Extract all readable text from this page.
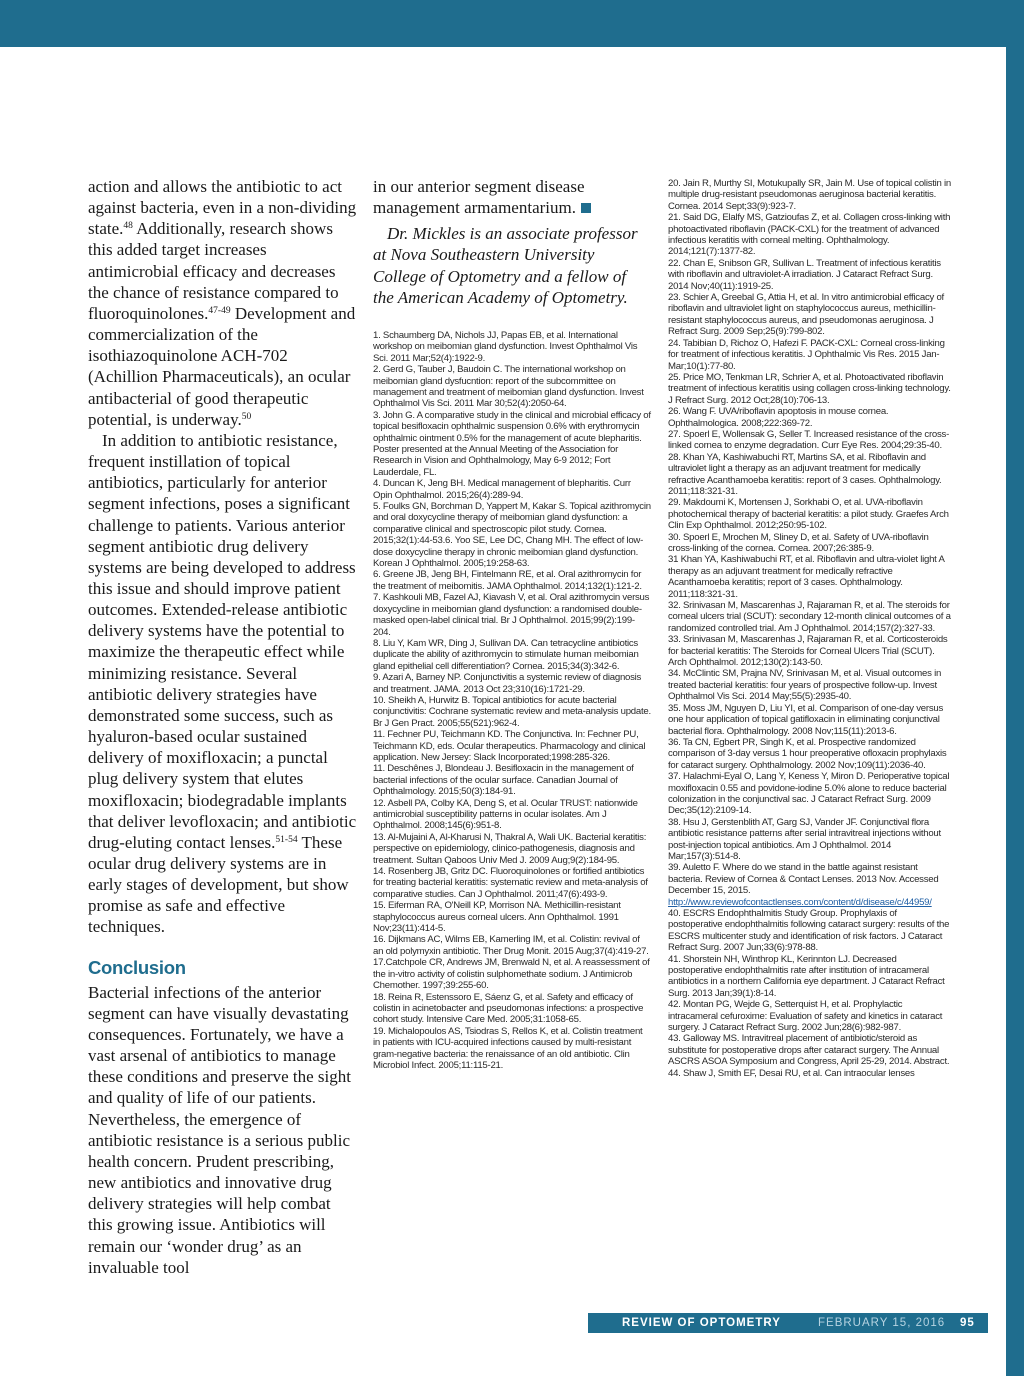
action and allows the antibiotic to act against bacteria, even in a non-dividing state.$^{48}$ Additionally, research shows this added target increases antimicrobial efficacy and decreases the chance of resistance compared to fluoroquinolones.$^{47-49}$ Development and commercialization of the isothiazoquinolone ACH-702 (Achillion Pharmaceuticals), an ocular antibacterial of good therapeutic potential, is underway.$^{50}$

In addition to antibiotic resistance, frequent instillation of topical antibiotics, particularly for anterior segment infections, poses a significant challenge to patients. Various anterior segment antibiotic drug delivery systems are being developed to address this issue and should improve patient outcomes. Extended-release antibiotic delivery systems have the potential to maximize the therapeutic effect while minimizing resistance. Several antibiotic delivery strategies have demonstrated some success, such as hyaluron-based ocular sustained delivery of moxifloxacin; a punctal plug delivery system that elutes moxifloxacin; biodegradable implants that deliver levofloxacin; and antibiotic drug-eluting contact lenses.$^{51-54}$ These ocular drug delivery systems are in early stages of development, but show promise as safe and effective techniques.

Conclusion

Bacterial infections of the anterior segment can have visually devastating consequences. Fortunately, we have a vast arsenal of antibiotics to manage these conditions and preserve the sight and quality of life of our patients. Nevertheless, the emergence of antibiotic resistance is a serious public health concern. Prudent prescribing, new antibiotics and innovative drug delivery strategies will help combat this growing issue. Antibiotics will remain our ‘wonder drug’ as an invaluable tool

in our anterior segment disease management armamentarium.

Dr. Mickles is an associate professor at Nova Southeastern University College of Optometry and a fellow of the American Academy of Optometry.

1. Schaumberg DA, Nichols JJ, Papas EB, et al. International workshop on meibomian gland dysfunction. Invest Ophthalmol Vis Sci. 2011 Mar;52(4):1922-9.

2. Gerd G, Tauber J, Baudoin C. The international workshop on meibomian gland dysfucntion: report of the subcommittee on management and treatment of meibomian gland dysfunction. Invest Ophthalmol Vis Sci. 2011 Mar 30;52(4):2050-64.

3. John G. A comparative study in the clinical and microbial efficacy of topical besifloxacin ophthalmic suspension 0.6% with erythromycin ophthalmic ointment 0.5% for the management of acute blepharitis. Poster presented at the Annual Meeting of the Association for Research in Vision and Ophthalmology, May 6-9 2012; Fort Lauderdale, FL.

4. Duncan K, Jeng BH. Medical management of blepharitis. Curr Opin Ophthalmol. 2015;26(4):289-94.

5. Foulks GN, Borchman D, Yappert M, Kakar S. Topical azithromycin and oral doxycycline therapy of meibomian gland dysfunction: a comparative clinical and spectroscopic pilot study. Cornea. 2015;32(1):44-53.6. Yoo SE, Lee DC, Chang MH. The effect of low-dose doxycycline therapy in chronic meibomian gland dysfunction. Korean J Ophthalmol. 2005;19:258-63.

6. Greene JB, Jeng BH, Fintelmann RE, et al. Oral azithromycin for the treatment of meibomitis. JAMA Ophthalmol. 2014;132(1):121-2.

7. Kashkouli MB, Fazel AJ, Kiavash V, et al. Oral azithromycin versus doxycycline in meibomian gland dysfunction: a randomised double-masked open-label clinical trial. Br J Ophthalmol. 2015;99(2):199-204.

8. Liu Y, Kam WR, Ding J, Sullivan DA. Can tetracycline antibiotics duplicate the ability of azithromycin to stimulate human meibomian gland epithelial cell differentiation? Cornea. 2015;34(3):342-6.

9. Azari A, Barney NP. Conjunctivitis a systemic review of diagnosis and treatment. JAMA. 2013 Oct 23;310(16):1721-29.

10. Sheikh A, Hurwitz B. Topical antibiotics for acute bacterial conjunctivitis: Cochrane systematic review and meta-analysis update. Br J Gen Pract. 2005;55(521):962-4.

11. Fechner PU, Teichmann KD. The Conjunctiva. In: Fechner PU, Teichmann KD, eds. Ocular therapeutics. Pharmacology and clinical application. New Jersey: Slack Incorporated;1998:285-326.

11. Deschênes J, Blondeau J. Besifloxacin in the management of bacterial infections of the ocular surface. Canadian Journal of Ophthalmology. 2015;50(3):184-91.

12. Asbell PA, Colby KA, Deng S, et al. Ocular TRUST: nationwide antimicrobial susceptibility patterns in ocular isolates. Am J Ophthalmol. 2008;145(6):951-8.

13. Al-Mujaini A, Al-Kharusi N, Thakral A, Wali UK. Bacterial keratitis: perspective on epidemiology, clinico-pathogenesis, diagnosis and treatment. Sultan Qaboos Univ Med J. 2009 Aug;9(2):184-95.

14. Rosenberg JB, Gritz DC. Fluoroquinolones or fortified antibiotics for treating bacterial keratitis: systematic review and meta-analysis of comparative studies. Can J Ophthalmol. 2011;47(6):493-9.

15. Eiferman RA, O'Neill KP, Morrison NA. Methicillin-resistant staphylococcus aureus corneal ulcers. Ann Ophthalmol. 1991 Nov;23(11):414-5.

16. Dijkmans AC, Wilms EB, Kamerling IM, et al. Colistin: revival of an old polymyxin antibiotic. Ther Drug Monit. 2015 Aug;37(4):419-27.

17.Catchpole CR, Andrews JM, Brenwald N, et al. A reassessment of the in-vitro activity of colistin sulphomethate sodium. J Antimicrob Chemother. 1997;39:255-60.

18. Reina R, Estenssoro E, Sáenz G, et al. Safety and efficacy of colistin in acinetobacter and pseudomonas infections: a prospective cohort study. Intensive Care Med. 2005;31:1058-65.

19. Michalopoulos AS, Tsiodras S, Rellos K, et al. Colistin treatment in patients with ICU-acquired infections caused by multi-resistant gram-negative bacteria: the renaissance of an old antibiotic. Clin Microbiol Infect. 2005;11:115-21.

20. Jain R, Murthy SI, Motukupally SR, Jain M. Use of topical colistin in multiple drug-resistant pseudomonas aeruginosa bacterial keratitis. Cornea. 2014 Sept;33(9):923-7.

21. Said DG, Elalfy MS, Gatzioufas Z, et al. Collagen cross-linking with photoactivated riboflavin (PACK-CXL) for the treatment of advanced infectious keratitis with corneal melting. Ophthalmology. 2014;121(7):1377-82.

22. Chan E, Snibson GR, Sullivan L. Treatment of infectious keratitis with riboflavin and ultraviolet-A irradiation. J Cataract Refract Surg. 2014 Nov;40(11):1919-25.

23. Schier A, Greebal G, Attia H, et al. In vitro antimicrobial efficacy of riboflavin and ultraviolet light on staphylococcus aureus, methicillin-resistant staphylococcus aureus, and pseudomonas aeruginosa. J Refract Surg. 2009 Sep;25(9):799-802.

24. Tabibian D, Richoz O, Hafezi F. PACK-CXL: Corneal cross-linking for treatment of infectious keratitis. J Ophthalmic Vis Res. 2015 Jan-Mar;10(1):77-80.

25. Price MO, Tenkman LR, Schrier A, et al. Photoactivated riboflavin treatment of infectious keratitis using collagen cross-linking technology. J Refract Surg. 2012 Oct;28(10):706-13.

26. Wang F. UVA/riboflavin apoptosis in mouse cornea. Ophthalmologica. 2008;222:369-72.

27. Spoerl E, Wollensak G, Seller T. Increased resistance of the cross-linked cornea to enzyme degradation. Curr Eye Res. 2004;29:35-40.

28. Khan YA, Kashiwabuchi RT, Martins SA, et al. Riboflavin and ultraviolet light a therapy as an adjuvant treatment for medically refractive Acanthamoeba keratitis: report of 3 cases. Ophthalmology. 2011;118:321-31.

29. Makdoumi K, Mortensen J, Sorkhabi O, et al. UVA-riboflavin photochemical therapy of bacterial keratitis: a pilot study. Graefes Arch Clin Exp Ophthalmol. 2012;250:95-102.

30. Spoerl E, Mrochen M, Sliney D, et al. Safety of UVA-riboflavin cross-linking of the cornea. Cornea. 2007;26:385-9.

31 Khan YA, Kashiwabuchi RT, et al. Riboflavin and ultra-violet light A therapy as an adjuvant treatment for medically refractive Acanthamoeba keratitis; report of 3 cases. Ophthalmology. 2011;118:321-31.

32. Srinivasan M, Mascarenhas J, Rajaraman R, et al. The steroids for corneal ulcers trial (SCUT): secondary 12-month clinical outcomes of a randomized controlled trial. Am J Ophthalmol. 2014;157(2):327-33.

33. Srinivasan M, Mascarenhas J, Rajaraman R, et al. Corticosteroids for bacterial keratitis: The Steroids for Corneal Ulcers Trial (SCUT). Arch Ophthalmol. 2012;130(2):143-50.

34. McClintic SM, Prajna NV, Srinivasan M, et al. Visual outcomes in treated bacterial keratitis: four years of prospective follow-up. Invest Ophthalmol Vis Sci. 2014 May;55(5):2935-40.

35. Moss JM, Nguyen D, Liu YI, et al. Comparison of one-day versus one hour application of topical gatifloxacin in eliminating conjunctival bacterial flora. Ophthalmology. 2008 Nov;115(11):2013-6.

36. Ta CN, Egbert PR, Singh K, et al. Prospective randomized comparison of 3-day versus 1 hour preoperative ofloxacin prophylaxis for cataract surgery. Ophthalmology. 2002 Nov;109(11):2036-40.

37. Halachmi-Eyal O, Lang Y, Keness Y, Miron D. Perioperative topical moxifloxacin 0.55 and povidone-iodine 5.0% alone to reduce bacterial colonization in the conjunctival sac. J Cataract Refract Surg. 2009 Dec;35(12):2109-14.

38. Hsu J, Gerstenblith AT, Garg SJ, Vander JF. Conjunctival flora antibiotic resistance patterns after serial intravitreal injections without post-injection topical antibiotics. Am J Ophthalmol. 2014 Mar;157(3):514-8.

39. Auletto F. Where do we stand in the battle against resistant bacteria. Review of Cornea & Contact Lenses. 2013 Nov. Accessed December 15, 2015. http://www.reviewofcontactlenses.com/content/d/disease/c/44959/

40. ESCRS Endophthalmitis Study Group. Prophylaxis of postoperative endophthalmitis following cataract surgery: results of the ESCRS multicenter study and identification of risk factors. J Cataract Refract Surg. 2007 Jun;33(6):978-88.

41. Shorstein NH, Winthrop KL, Kerinnton LJ. Decreased postoperative endophthalmitis rate after institution of intracameral antibiotics in a northern California eye department. J Cataract Refract Surg. 2013 Jan;39(1):8-14.

42. Montan PG, Wejde G, Setterquist H, et al. Prophylactic intracameral cefuroxime: Evaluation of safety and kinetics in cataract surgery. J Cataract Refract Surg. 2002 Jun;28(6):982-987.

43. Galloway MS. Intravitreal placement of antibiotic/steroid as substitute for postoperative drops after cataract surgery. The Annual ASCRS ASOA Symposium and Congress, April 25-29, 2014. Abstract.

44. Shaw J, Smith EF, Desai RU, et al. Can intraocular lenses

REVIEW OF OPTOMETRY	FEBRUARY 15, 2016 95
